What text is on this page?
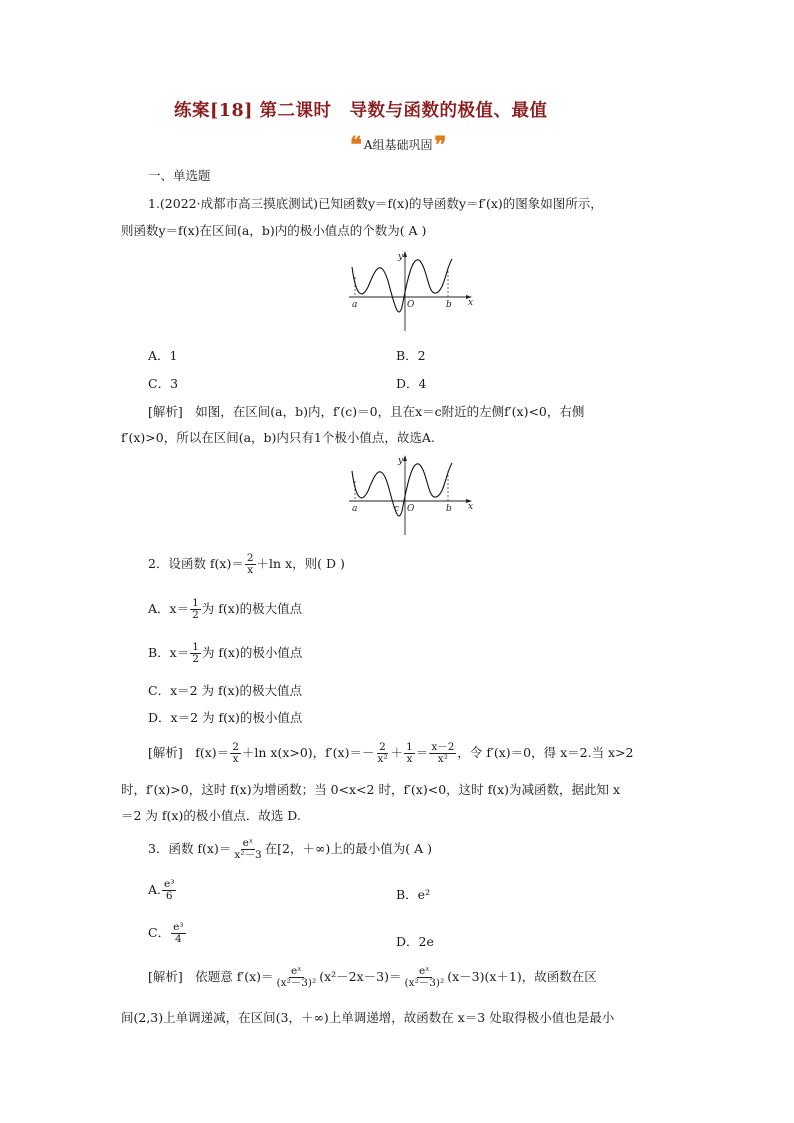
练案[18] 第二课时　导数与函数的极值、最值
❝ A组基础巩固 ❞
一、单选题
1.(2022·成都市高三摸底测试)已知函数y＝f(x)的导函数y＝f′(x)的图象如图所示，
则函数y＝f(x)在区间(a，b)内的极小值点的个数为( A )
y
x
a	b
O
A．1	B．2
C．3	D．4
[解析]　如图，在区间(a，b)内，f′(c)＝0，且在x＝c附近的左侧f′(x)<0，右侧
f′(x)>0，所以在区间(a，b)内只有1个极小值点，故选A.
y
x
a	b
c O
2．设函数 $f(x)= \frac{2}{x} +\ln$ x，则( D )
A．$x= \frac{1}{2}$ 为 f(x)的极大值点
B．$x= \frac{1}{2}$ 为 f(x)的极小值点
C．x＝2 为 f(x)的极大值点
D．x＝2 为 f(x)的极小值点
[解析]　$f(x)= \frac{2}{x} +\ln$ x(x>0)，$f'(x)=- \frac{2}{\text{x²}} + \frac{1}{x} = \frac{x-2}{\text{x²}}$ ，令 f′(x)＝0，得 x＝2.当 x>2
时，f′(x)>0，这时 f(x)为增函数；当 0<x<2 时，f′(x)<0，这时 f(x)为减函数，据此知 x
＝2 为 f(x)的极小值点．故选 D.
3．函数 $f(x)= \frac{\text{eˣ}}{\text{x²－3}}$ 在[2，＋∞)上的最小值为( A )
A. $\frac{\text{e³}}{6}$	B．e²
C． $\frac{\text{e³}}{4}$	D．2e
[解析]　依题意 $f'(x)= \frac{\text{eˣ}}{\text{(x²－3)²}} (x^2-2x-3)= \frac{\text{eˣ}}{\text{(x²－3)²}} (x-3)(x+1)$，故函数在区
间(2,3)上单调递减，在区间(3，＋∞)上单调递增，故函数在 x＝3 处取得极小值也是最小
